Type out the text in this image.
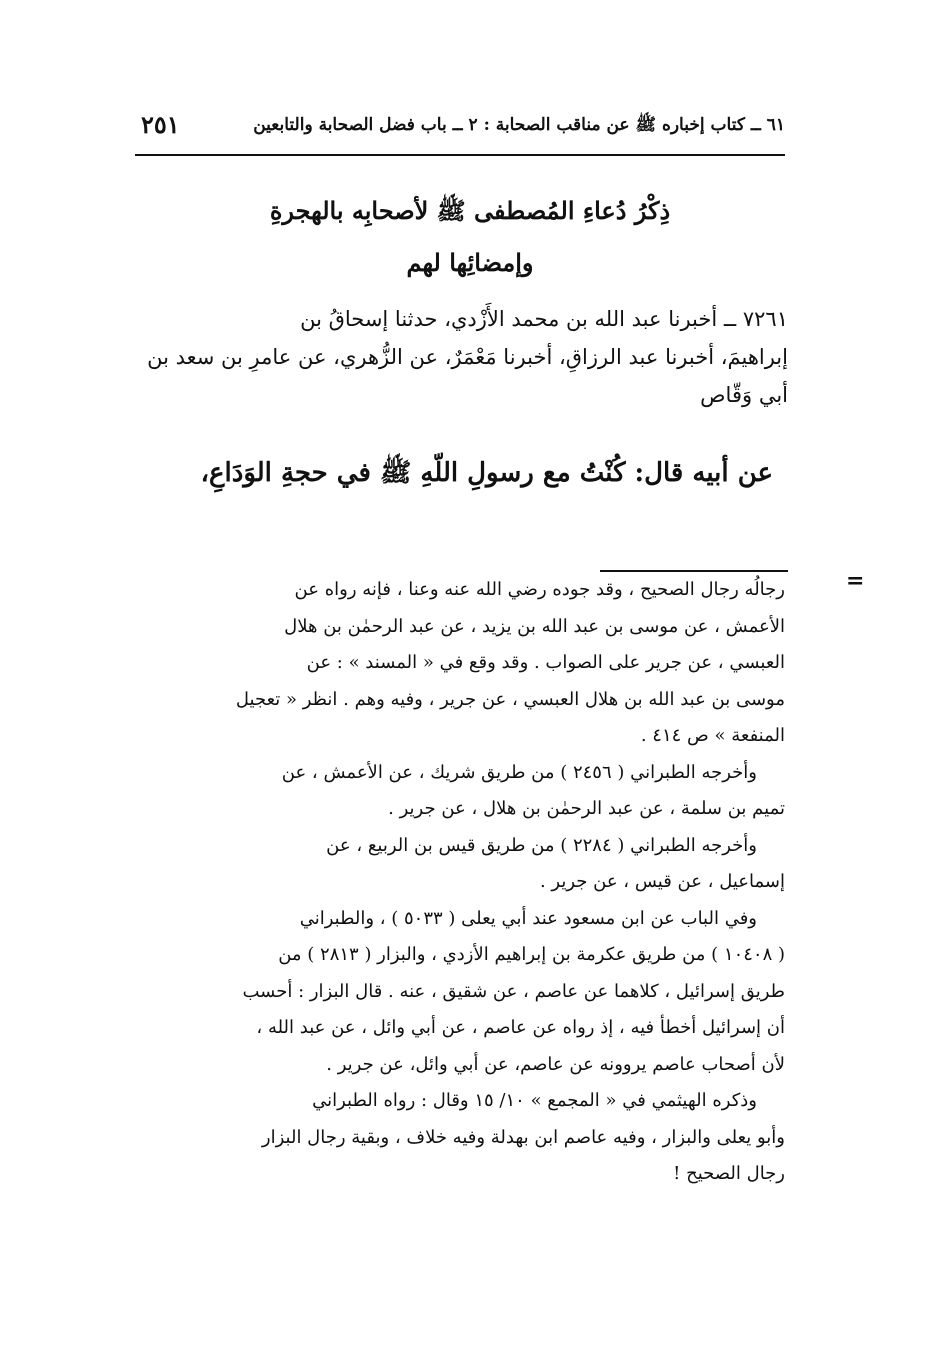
٦١ ــ كتاب إخباره ﷺ عن مناقب الصحابة : ٢ ــ باب فضل الصحابة والتابعين
٢٥١
ذِكْرُ دُعاءِ المُصطفى ﷺ لأصحابِه بالهجرةِ
وإمضائِها لهم

٧٢٦١ ــ أخبرنا عبد الله بن محمد الأَزْدي، حدثنا إسحاقُ بن

إبراهيمَ، أخبرنا عبد الرزاقِ، أخبرنا مَعْمَرٌ، عن الزُّهري، عن عامرِ بن سعد بن

أبي وَقّاص

عن أبيه قال: كُنْتُ مع رسولِ اللّهِ ﷺ في حجةِ الوَدَاعِ،
=

رجالُه رجال الصحيح ، وقد جوده رضي الله عنه وعنا ، فإنه رواه عن

الأعمش ، عن موسى بن عبد الله بن يزيد ، عن عبد الرحمٰن بن هلال

العبسي ، عن جرير على الصواب . وقد وقع في « المسند » : عن

موسى بن عبد الله بن هلال العبسي ، عن جرير ، وفيه وهم . انظر « تعجيل

المنفعة » ص ٤١٤ .

وأخرجه الطبراني ( ٢٤٥٦ ) من طريق شريك ، عن الأعمش ، عن

تميم بن سلمة ، عن عبد الرحمٰن بن هلال ، عن جرير .

وأخرجه الطبراني ( ٢٢٨٤ ) من طريق قيس بن الربيع ، عن

إسماعيل ، عن قيس ، عن جرير .

وفي الباب عن ابن مسعود عند أبي يعلى ( ٥٠٣٣ ) ، والطبراني

( ١٠٤٠٨ ) من طريق عكرمة بن إبراهيم الأزدي ، والبزار ( ٢٨١٣ ) من

طريق إسرائيل ، كلاهما عن عاصم ، عن شقيق ، عنه . قال البزار : أحسب

أن إسرائيل أخطأ فيه ، إذ رواه عن عاصم ، عن أبي وائل ، عن عبد الله ،

لأن أصحاب عاصم يروونه عن عاصم، عن أبي وائل، عن جرير .

وذكره الهيثمي في « المجمع » ١٠/ ١٥ وقال : رواه الطبراني

وأبو يعلى والبزار ، وفيه عاصم ابن بهدلة وفيه خلاف ، وبقية رجال البزار

رجال الصحيح !
